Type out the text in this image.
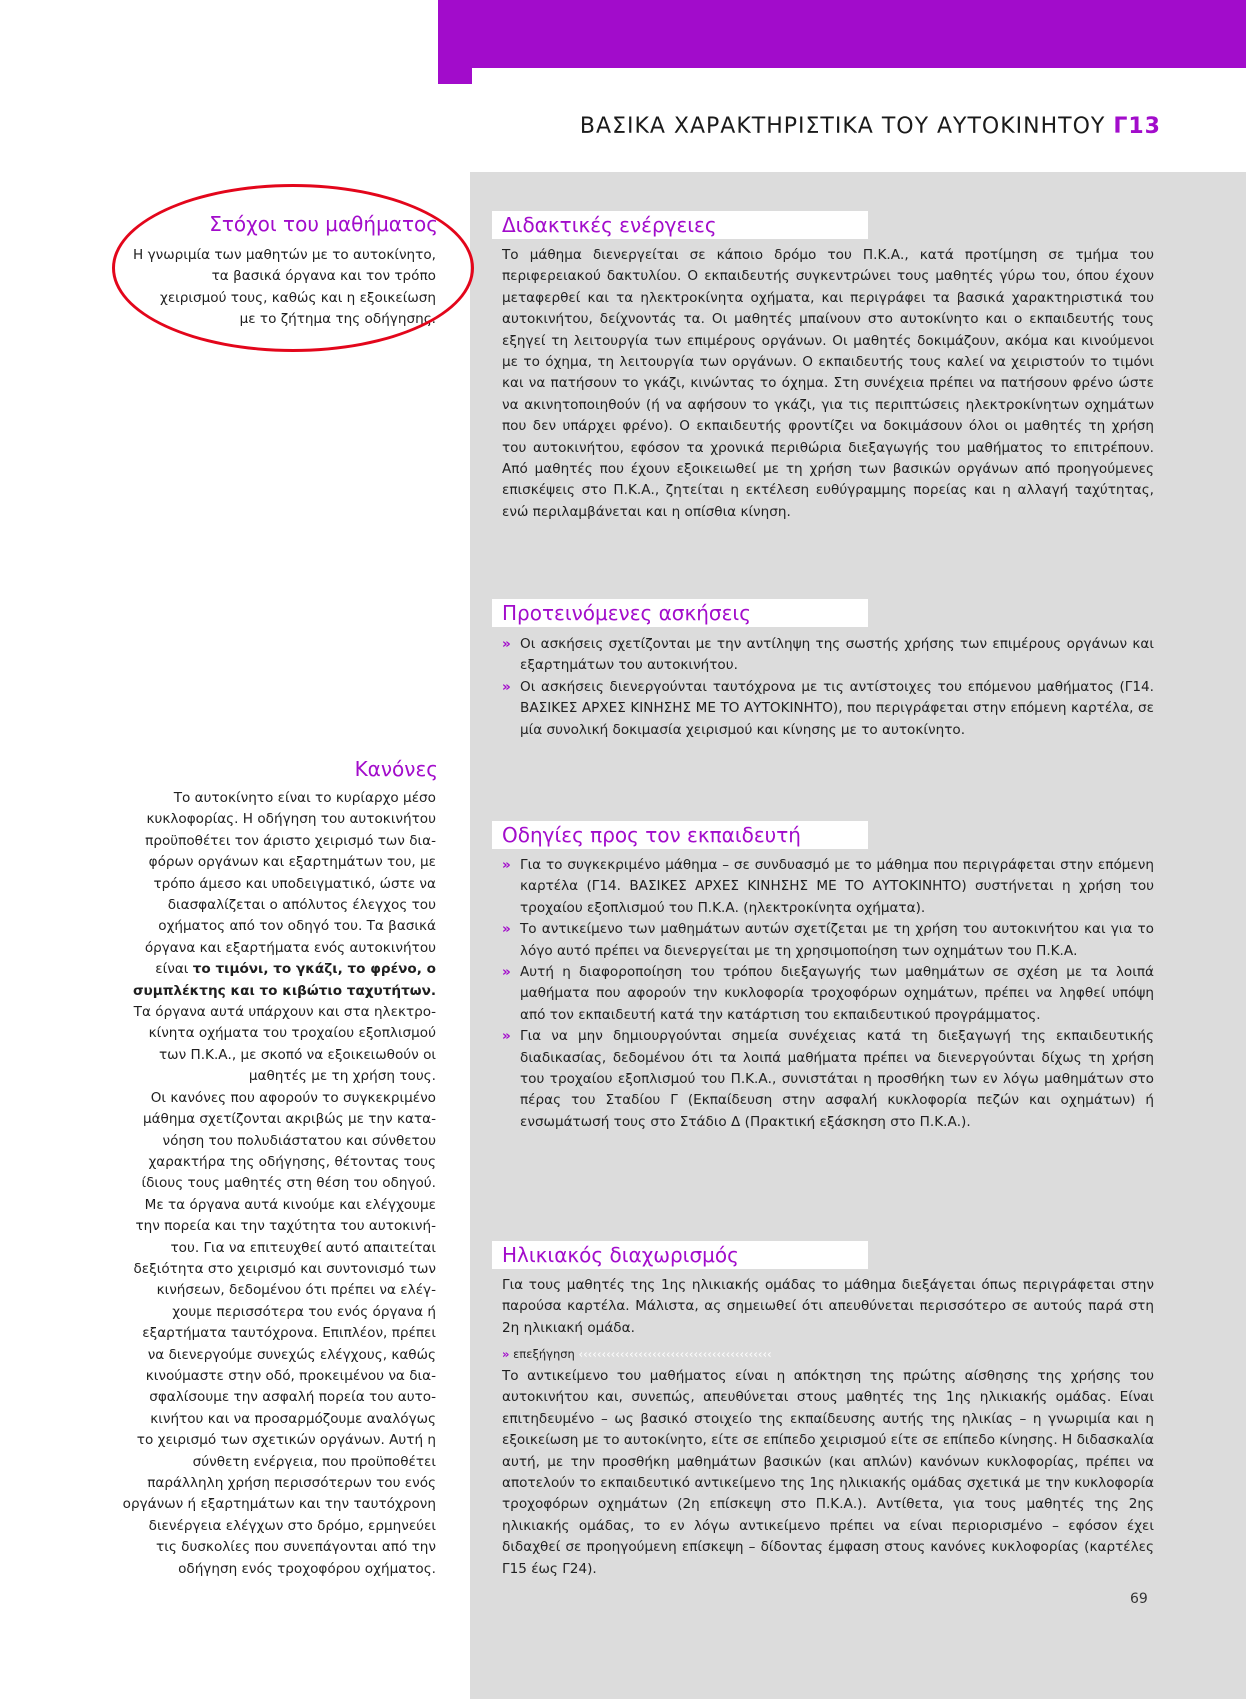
ΒΑΣΙΚΑ ΧΑΡΑΚΤΗΡΙΣΤΙΚΑ ΤΟΥ ΑΥΤΟΚΙΝΗΤΟΥ Γ13
Στόχοι του μαθήματος
Η γνωριμία των μαθητών με το αυτοκίνητο,
τα βασικά όργανα και τον τρόπο
χειρισμού τους, καθώς και η εξοικείωση
με το ζήτημα της οδήγησης.
Κανόνες
Το αυτοκίνητο είναι το κυρίαρχο μέσο
κυκλοφορίας. Η οδήγηση του αυτοκινήτου
προϋποθέτει τον άριστο χειρισμό των δια-
φόρων οργάνων και εξαρτημάτων του, με
τρόπο άμεσο και υποδειγματικό, ώστε να
διασφαλίζεται ο απόλυτος έλεγχος του
οχήματος από τον οδηγό του. Τα βασικά
όργανα και εξαρτήματα ενός αυτοκινήτου
είναι το τιμόνι, το γκάζι, το φρένο, ο
συμπλέκτης και το κιβώτιο ταχυτήτων.
Τα όργανα αυτά υπάρχουν και στα ηλεκτρο-
κίνητα οχήματα του τροχαίου εξοπλισμού
των Π.Κ.Α., με σκοπό να εξοικειωθούν οι
μαθητές με τη χρήση τους.
Οι κανόνες που αφορούν το συγκεκριμένο
μάθημα σχετίζονται ακριβώς με την κατα-
νόηση του πολυδιάστατου και σύνθετου
χαρακτήρα της οδήγησης, θέτοντας τους
ίδιους τους μαθητές στη θέση του οδηγού.
Με τα όργανα αυτά κινούμε και ελέγχουμε
την πορεία και την ταχύτητα του αυτοκινή-
του. Για να επιτευχθεί αυτό απαιτείται
δεξιότητα στο χειρισμό και συντονισμό των
κινήσεων, δεδομένου ότι πρέπει να ελέγ-
χουμε περισσότερα του ενός όργανα ή
εξαρτήματα ταυτόχρονα. Επιπλέον, πρέπει
να διενεργούμε συνεχώς ελέγχους, καθώς
κινούμαστε στην οδό, προκειμένου να δια-
σφαλίσουμε την ασφαλή πορεία του αυτο-
κινήτου και να προσαρμόζουμε αναλόγως
το χειρισμό των σχετικών οργάνων. Αυτή η
σύνθετη ενέργεια, που προϋποθέτει
παράλληλη χρήση περισσότερων του ενός
οργάνων ή εξαρτημάτων και την ταυτόχρονη
διενέργεια ελέγχων στο δρόμο, ερμηνεύει
τις δυσκολίες που συνεπάγονται από την
οδήγηση ενός τροχοφόρου οχήματος.
Διδακτικές ενέργειες
Το μάθημα διενεργείται σε κάποιο δρόμο του Π.Κ.Α., κατά προτίμηση σε τμήμα του περιφερειακού δακτυλίου. Ο εκπαιδευτής συγκεντρώνει τους μαθητές γύρω του, όπου έχουν μεταφερθεί και τα ηλεκτροκίνητα οχήματα, και περιγράφει τα βασικά χαρακτηριστικά του αυτοκινήτου, δείχνοντάς τα. Οι μαθητές μπαίνουν στο αυτοκίνητο και ο εκπαιδευτής τους εξηγεί τη λειτουργία των επιμέρους οργάνων. Οι μαθητές δοκιμάζουν, ακόμα και κινούμενοι με το όχημα, τη λειτουργία των οργάνων. Ο εκπαιδευτής τους καλεί να χειριστούν το τιμόνι και να πατήσουν το γκάζι, κινώντας το όχημα. Στη συνέχεια πρέπει να πατήσουν φρένο ώστε να ακινητοποιηθούν (ή να αφήσουν το γκάζι, για τις περιπτώσεις ηλεκτροκίνητων οχημάτων που δεν υπάρχει φρένο). Ο εκπαιδευτής φροντίζει να δοκιμάσουν όλοι οι μαθητές τη χρήση του αυτοκινήτου, εφόσον τα χρονικά περιθώρια διεξαγωγής του μαθήματος το επιτρέπουν. Από μαθητές που έχουν εξοικειωθεί με τη χρήση των βασικών οργάνων από προηγούμενες επισκέψεις στο Π.Κ.Α., ζητείται η εκτέλεση ευθύγραμμης πορείας και η αλλαγή ταχύτητας, ενώ περιλαμβάνεται και η οπίσθια κίνηση.
Προτεινόμενες ασκήσεις
» Οι ασκήσεις σχετίζονται με την αντίληψη της σωστής χρήσης των επιμέρους οργάνων και εξαρτημάτων του αυτοκινήτου.
» Οι ασκήσεις διενεργούνται ταυτόχρονα με τις αντίστοιχες του επόμενου μαθήματος (Γ14. ΒΑΣΙΚΕΣ ΑΡΧΕΣ ΚΙΝΗΣΗΣ ΜΕ ΤΟ ΑΥΤΟΚΙΝΗΤΟ), που περιγράφεται στην επόμενη καρτέλα, σε μία συνολική δοκιμασία χειρισμού και κίνησης με το αυτοκίνητο.
Οδηγίες προς τον εκπαιδευτή
» Για το συγκεκριμένο μάθημα – σε συνδυασμό με το μάθημα που περιγράφεται στην επόμενη καρτέλα (Γ14. ΒΑΣΙΚΕΣ ΑΡΧΕΣ ΚΙΝΗΣΗΣ ΜΕ ΤΟ ΑΥΤΟΚΙΝΗΤΟ) συστήνεται η χρήση του τροχαίου εξοπλισμού του Π.Κ.Α. (ηλεκτροκίνητα οχήματα).
» Το αντικείμενο των μαθημάτων αυτών σχετίζεται με τη χρήση του αυτοκινήτου και για το λόγο αυτό πρέπει να διενεργείται με τη χρησιμοποίηση των οχημάτων του Π.Κ.Α.
» Αυτή η διαφοροποίηση του τρόπου διεξαγωγής των μαθημάτων σε σχέση με τα λοιπά μαθήματα που αφορούν την κυκλοφορία τροχοφόρων οχημάτων, πρέπει να ληφθεί υπόψη από τον εκπαιδευτή κατά την κατάρτιση του εκπαιδευτικού προγράμματος.
» Για να μην δημιουργούνται σημεία συνέχειας κατά τη διεξαγωγή της εκπαιδευτικής διαδικασίας, δεδομένου ότι τα λοιπά μαθήματα πρέπει να διενεργούνται δίχως τη χρήση του τροχαίου εξοπλισμού του Π.Κ.Α., συνιστάται η προσθήκη των εν λόγω μαθημάτων στο πέρας του Σταδίου Γ (Εκπαίδευση στην ασφαλή κυκλοφορία πεζών και οχημάτων) ή ενσωμάτωσή τους στο Στάδιο Δ (Πρακτική εξάσκηση στο Π.Κ.Α.).
Ηλικιακός διαχωρισμός
Για τους μαθητές της 1ης ηλικιακής ομάδας το μάθημα διεξάγεται όπως περιγράφεται στην παρούσα καρτέλα. Μάλιστα, ας σημειωθεί ότι απευθύνεται περισσότερο σε αυτούς παρά στη 2η ηλικιακή ομάδα.
» επεξήγηση ‹‹‹‹‹‹‹‹‹‹‹‹‹‹‹‹‹‹‹‹‹‹‹‹‹‹‹‹‹‹‹‹‹‹‹‹‹‹‹‹‹‹
Το αντικείμενο του μαθήματος είναι η απόκτηση της πρώτης αίσθησης της χρήσης του αυτοκινήτου και, συνεπώς, απευθύνεται στους μαθητές της 1ης ηλικιακής ομάδας. Είναι επιτηδευμένο – ως βασικό στοιχείο της εκπαίδευσης αυτής της ηλικίας – η γνωριμία και η εξοικείωση με το αυτοκίνητο, είτε σε επίπεδο χειρισμού είτε σε επίπεδο κίνησης. Η διδασκαλία αυτή, με την προσθήκη μαθημάτων βασικών (και απλών) κανόνων κυκλοφορίας, πρέπει να αποτελούν το εκπαιδευτικό αντικείμενο της 1ης ηλικιακής ομάδας σχετικά με την κυκλοφορία τροχοφόρων οχημάτων (2η επίσκεψη στο Π.Κ.Α.). Αντίθετα, για τους μαθητές της 2ης ηλικιακής ομάδας, το εν λόγω αντικείμενο πρέπει να είναι περιορισμένο – εφόσον έχει διδαχθεί σε προηγούμενη επίσκεψη – δίδοντας έμφαση στους κανόνες κυκλοφορίας (καρτέλες Γ15 έως Γ24).
69
